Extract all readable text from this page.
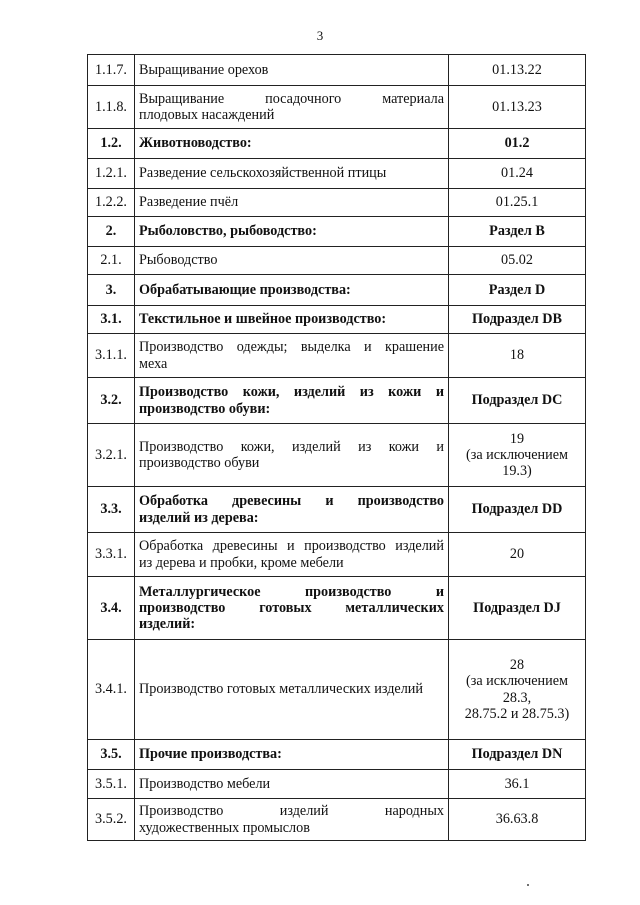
3
1.1.7.	Выращивание орехов	01.13.22

1.1.8.	Выращивание посадочного материала
плодовых насаждений	01.13.23

1.2.	Животноводство:	01.2

1.2.1.	Разведение сельскохозяйственной птицы	01.24

1.2.2.	Разведение пчёл	01.25.1

2.	Рыболовство, рыбоводство:	Раздел B

2.1.	Рыбоводство	05.02

3.	Обрабатывающие производства:	Раздел D

3.1.	Текстильное и швейное производство:	Подраздел DB

3.1.1.	Производство одежды; выделка и крашение
меха	18

3.2.	Производство кожи, изделий из кожи и
производство обуви:	Подраздел DC

3.2.1.	Производство кожи, изделий из кожи и
производство обуви	19
(за исключением
19.3)

3.3.	Обработка древесины и производство
изделий из дерева:	Подраздел DD

3.3.1.	Обработка древесины и производство изделий
из дерева и пробки, кроме мебели	20

3.4.	Металлургическое производство и
производство готовых металлических
изделий:	Подраздел DJ

3.4.1.	Производство готовых металлических изделий	28
(за исключением
28.3,
28.75.2 и 28.75.3)

3.5.	Прочие производства:	Подраздел DN

3.5.1.	Производство мебели	36.1

3.5.2.	Производство изделий народных
художественных промыслов	36.63.8
